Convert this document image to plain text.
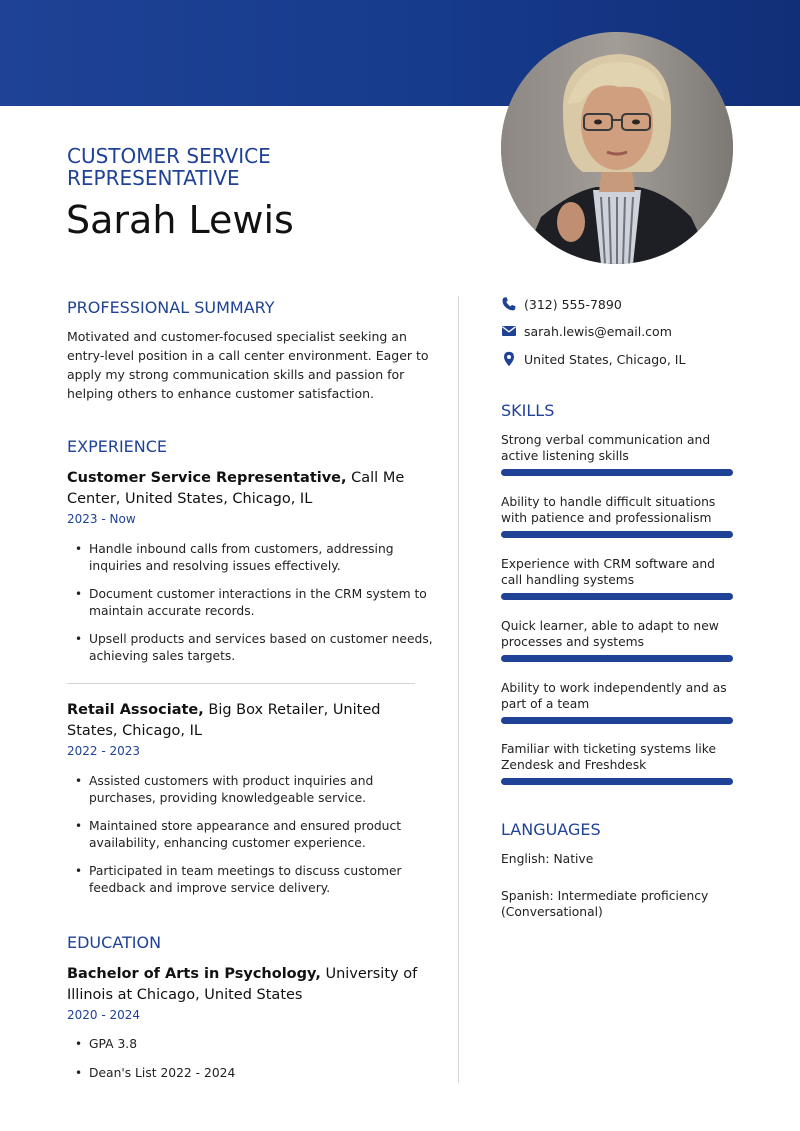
CUSTOMER SERVICE
REPRESENTATIVE
Sarah Lewis
PROFESSIONAL SUMMARY
Motivated and customer-focused specialist seeking an entry-level position in a call center environment. Eager to apply my strong communication skills and passion for helping others to enhance customer satisfaction.
EXPERIENCE
Customer Service Representative, Call Me Center, United States, Chicago, IL
2023 - Now
• Handle inbound calls from customers, addressing inquiries and resolving issues effectively.
• Document customer interactions in the CRM system to maintain accurate records.
• Upsell products and services based on customer needs, achieving sales targets.
Retail Associate, Big Box Retailer, United States, Chicago, IL
2022 - 2023
• Assisted customers with product inquiries and purchases, providing knowledgeable service.
• Maintained store appearance and ensured product availability, enhancing customer experience.
• Participated in team meetings to discuss customer feedback and improve service delivery.
EDUCATION
Bachelor of Arts in Psychology, University of Illinois at Chicago, United States
2020 - 2024
• GPA 3.8
• Dean's List 2022 - 2024
(312) 555-7890
sarah.lewis@email.com
United States, Chicago, IL
SKILLS
Strong verbal communication and active listening skills
Ability to handle difficult situations with patience and professionalism
Experience with CRM software and call handling systems
Quick learner, able to adapt to new processes and systems
Ability to work independently and as part of a team
Familiar with ticketing systems like Zendesk and Freshdesk
LANGUAGES
English: Native
Spanish: Intermediate proficiency (Conversational)
